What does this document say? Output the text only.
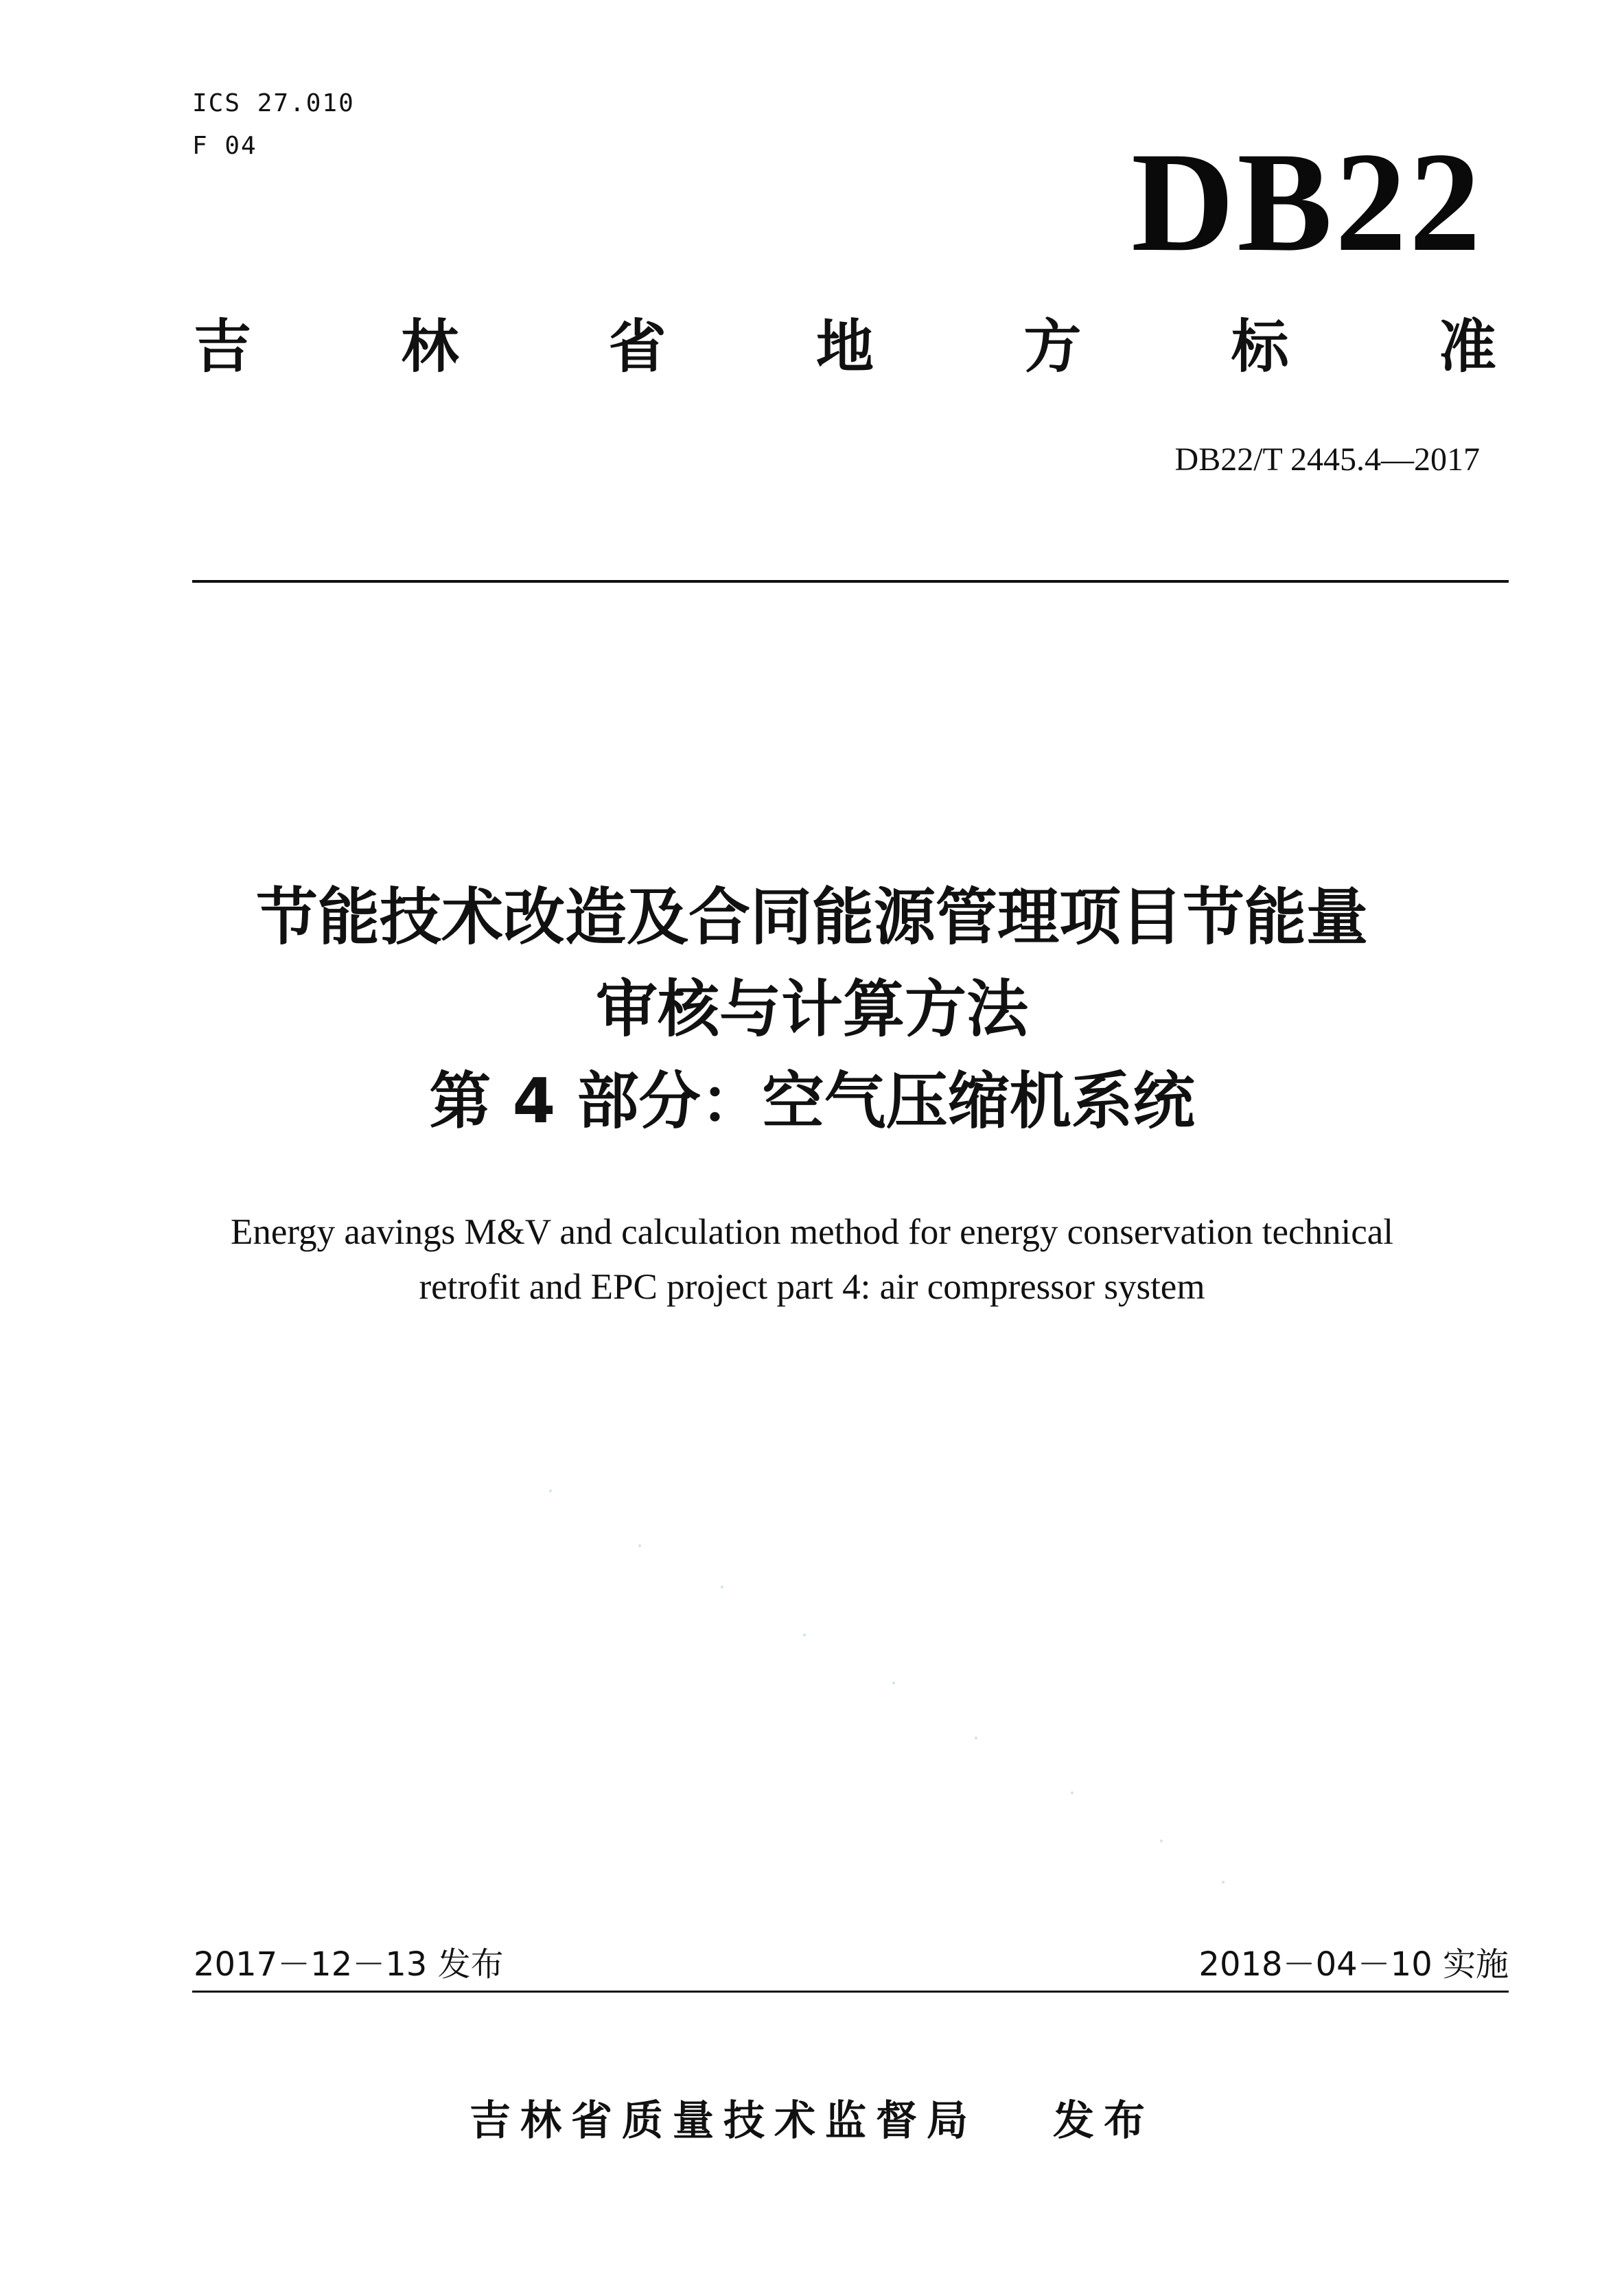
ICS 27.010
F 04	DB22
吉	林	省	地	方	标	准
DB22/T 2445.4—2017
节能技术改造及合同能源管理项目节能量
审核与计算方法
第 4 部分：空气压缩机系统
Energy aavings M&V and calculation method for energy conservation technical
retrofit and EPC project part 4: air compressor system
2017－12－13 发布	2018－04－10 实施
吉林省质量技术监督局 发布
